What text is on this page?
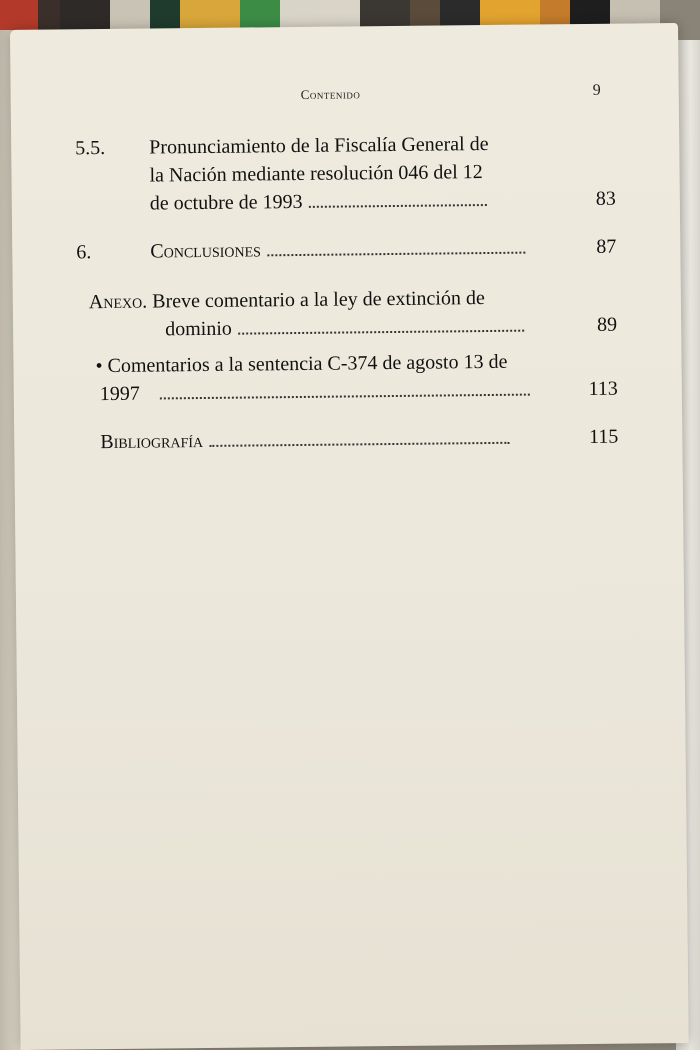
Contenido	9
5.5. Pronunciamiento de la Fiscalía General de
la Nación mediante resolución 046 del 12
de octubre de 1993	83
6.	Conclusiones	87
Anexo. Breve comentario a la ley de extinción de
dominio	89
• Comentarios a la sentencia C-374 de agosto 13 de
1997	113
Bibliografía	115
